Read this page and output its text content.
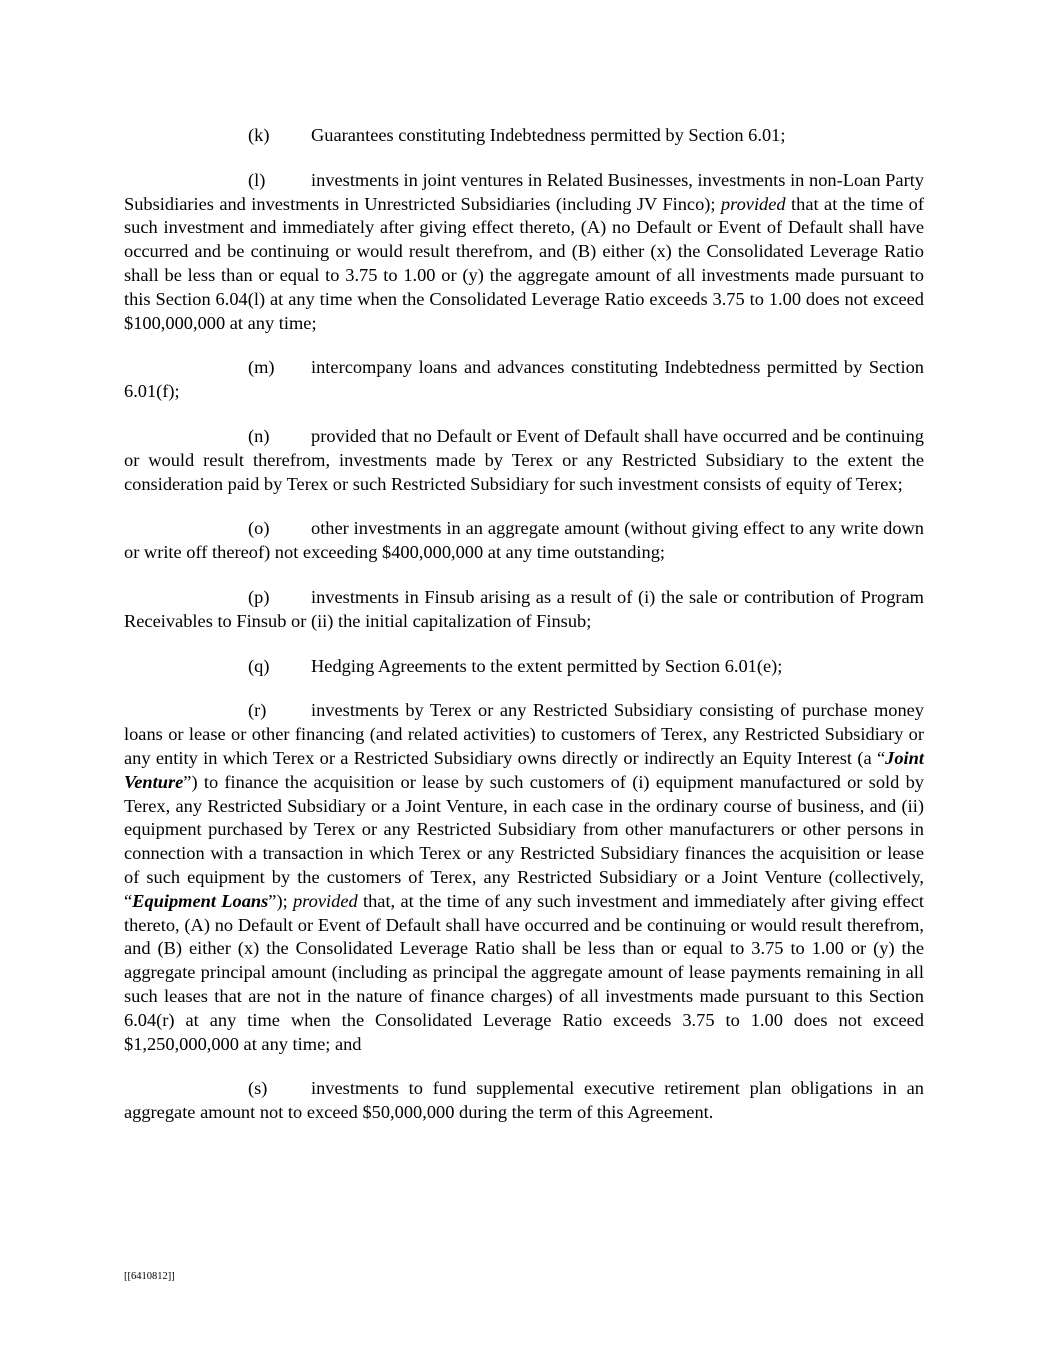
(k) Guarantees constituting Indebtedness permitted by Section 6.01;

(l) investments in joint ventures in Related Businesses, investments in non-Loan Party Subsidiaries and investments in Unrestricted Subsidiaries (including JV Finco); provided that at the time of such investment and immediately after giving effect thereto, (A) no Default or Event of Default shall have occurred and be continuing or would result therefrom, and (B) either (x) the Consolidated Leverage Ratio shall be less than or equal to 3.75 to 1.00 or (y) the aggregate amount of all investments made pursuant to this Section 6.04(l) at any time when the Consolidated Leverage Ratio exceeds 3.75 to 1.00 does not exceed $100,000,000 at any time;

(m) intercompany loans and advances constituting Indebtedness permitted by Section 6.01(f);

(n) provided that no Default or Event of Default shall have occurred and be continuing or would result therefrom, investments made by Terex or any Restricted Subsidiary to the extent the consideration paid by Terex or such Restricted Subsidiary for such investment consists of equity of Terex;

(o) other investments in an aggregate amount (without giving effect to any write down or write off thereof) not exceeding $400,000,000 at any time outstanding;

(p) investments in Finsub arising as a result of (i) the sale or contribution of Program Receivables to Finsub or (ii) the initial capitalization of Finsub;

(q) Hedging Agreements to the extent permitted by Section 6.01(e);

(r) investments by Terex or any Restricted Subsidiary consisting of purchase money loans or lease or other financing (and related activities) to customers of Terex, any Restricted Subsidiary or any entity in which Terex or a Restricted Subsidiary owns directly or indirectly an Equity Interest (a “Joint Venture”) to finance the acquisition or lease by such customers of (i) equipment manufactured or sold by Terex, any Restricted Subsidiary or a Joint Venture, in each case in the ordinary course of business, and (ii) equipment purchased by Terex or any Restricted Subsidiary from other manufacturers or other persons in connection with a transaction in which Terex or any Restricted Subsidiary finances the acquisition or lease of such equipment by the customers of Terex, any Restricted Subsidiary or a Joint Venture (collectively, “Equipment Loans”); provided that, at the time of any such investment and immediately after giving effect thereto, (A) no Default or Event of Default shall have occurred and be continuing or would result therefrom, and (B) either (x) the Consolidated Leverage Ratio shall be less than or equal to 3.75 to 1.00 or (y) the aggregate principal amount (including as principal the aggregate amount of lease payments remaining in all such leases that are not in the nature of finance charges) of all investments made pursuant to this Section 6.04(r) at any time when the Consolidated Leverage Ratio exceeds 3.75 to 1.00 does not exceed $1,250,000,000 at any time; and

(s) investments to fund supplemental executive retirement plan obligations in an aggregate amount not to exceed $50,000,000 during the term of this Agreement.

[[6410812]]
